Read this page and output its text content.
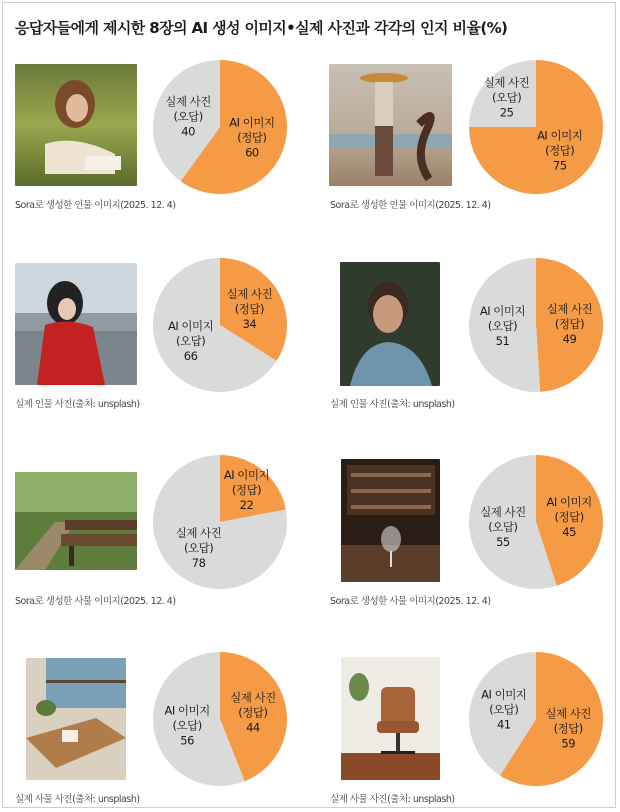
응답자들에게 제시한 8장의 AI 생성 이미지•실제 사진과 각각의 인지 비율(%)
Sora로 생성한 인물 이미지(2025. 12. 4)	Sora로 생성한 인물 이미지(2025. 12. 4)
실제 인물 사진(출처: unsplash)	실제 인물 사진(출처: unsplash)
Sora로 생성한 사물 이미지(2025. 12. 4)	Sora로 생성한 사물 이미지(2025. 12. 4)
실제 사물 사진(출처: unsplash)	실제 사물 사진(출처: unsplash)
AI 이미지
(정답)
60
실제 사진
(오답)
40	AI 이미지
(정답)
75
실제 사진
(오답)
25
실제 사진
(정답)
34
AI 이미지
(오답)
66
실제 사진
(정답)
49
AI 이미지
(오답)
51
AI 이미지
(정답)
22
실제 사진
(오답)
78
AI 이미지
(정답)
45
실제 사진
(오답)
55
실제 사진
(정답)
44
AI 이미지
(오답)
56
실제 사진
(정답)
59
AI 이미지
(오답)
41
